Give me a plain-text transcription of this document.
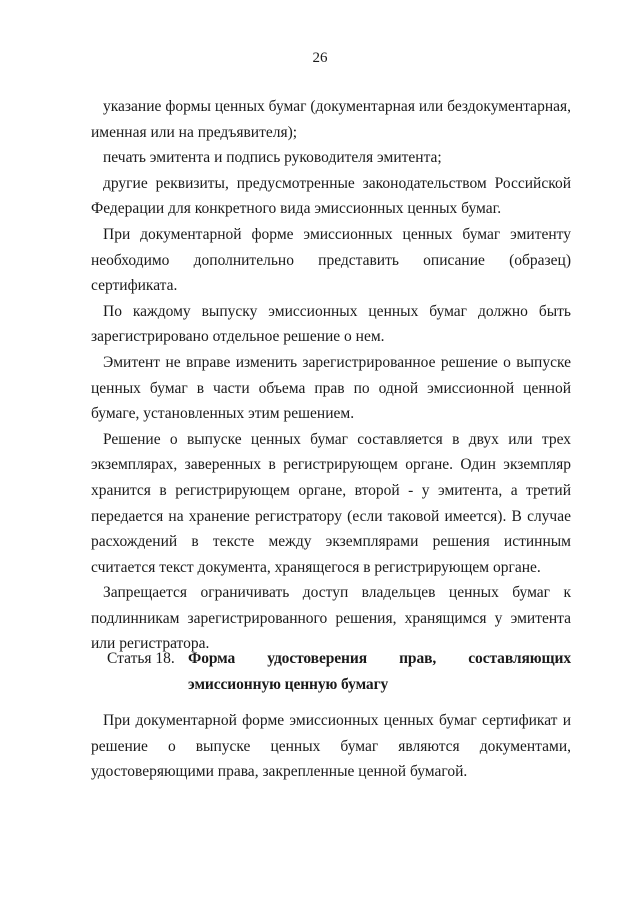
26

указание формы ценных бумаг (документарная или бездокументарная, именная или на предъявителя);

печать эмитента и подпись руководителя эмитента;

другие реквизиты, предусмотренные законодательством Российской Федерации для конкретного вида эмиссионных ценных бумаг.

При документарной форме эмиссионных ценных бумаг эмитенту необходимо дополнительно представить описание (образец) сертификата.

По каждому выпуску эмиссионных ценных бумаг должно быть зарегистрировано отдельное решение о нем.

Эмитент не вправе изменить зарегистрированное решение о выпуске ценных бумаг в части объема прав по одной эмиссионной ценной бумаге, установленных этим решением.

Решение о выпуске ценных бумаг составляется в двух или трех экземплярах, заверенных в регистрирующем органе. Один экземпляр хранится в регистрирующем органе, второй - у эмитента, а третий передается на хранение регистратору (если таковой имеется). В случае расхождений в тексте между экземплярами решения истинным считается текст документа, хранящегося в регистрирующем органе.

Запрещается ограничивать доступ владельцев ценных бумаг к подлинникам зарегистрированного решения, хранящимся у эмитента или регистратора.

Статья 18. Форма удостоверения прав, составляющих эмиссионную ценную бумагу

При документарной форме эмиссионных ценных бумаг сертификат и решение о выпуске ценных бумаг являются документами, удостоверяющими права, закрепленные ценной бумагой.
